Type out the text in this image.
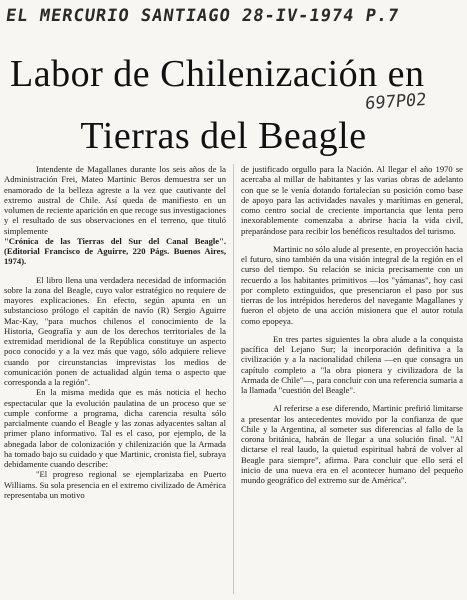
EL MERCURIO SANTIAGO 28-IV-1974 P.7
697P02
Labor de Chilenización en
Tierras del Beagle

Intendente de Magallanes durante los seis años de la Administración Frei, Mateo Martinic Beros demuestra ser un enamorado de la belleza agreste a la vez que cautivante del extremo austral de Chile. Así queda de manifiesto en un volumen de reciente aparición en que recoge sus investigaciones y el resultado de sus observaciones en el terreno, que tituló simplemente

"Crónica de las Tierras del Sur del Canal Beagle". (Editorial Francisco de Aguirre, 220 Págs. Buenos Aires, 1974).

El libro llena una verdadera necesidad de información sobre la zona del Beagle, cuyo valor estratégico no requiere de mayores explicaciones. En efecto, según apunta en un substancioso prólogo el capitán de navío (R) Sergio Aguirre Mac-Kay, "para muchos chilenos el conocimiento de la Historia, Geografía y aun de los derechos territoriales de la extremidad meridional de la República constituye un aspecto poco conocido y a la vez más que vago, sólo adquiere relieve cuando por circunstancias imprevistas los medios de comunicación ponen de actualidad algún tema o aspecto que corresponda a la región".

En la misma medida que es más noticia el hecho espectacular que la evolución paulatina de un proceso que se cumple conforme a programa, dicha carencia resulta sólo parcialmente cuando el Beagle y las zonas adyacentes saltan al primer plano informativo. Tal es el caso, por ejemplo, de la abnegada labor de colonización y chilenización que la Armada ha tomado bajo su cuidado y que Martinic, cronista fiel, subraya debidamente cuando describe:

"El progreso regional se ejemplarizaba en Puerto Williams. Su sola presencia en el extremo civilizado de América representaba un motivo

de justificado orgullo para la Nación. Al llegar el año 1970 se acercaba al millar de habitantes y las varias obras de adelanto con que se le venía dotando fortalecían su posición como base de apoyo para las actividades navales y marítimas en general, como centro social de creciente importancia que lenta pero inexorablemente comenzaba a abrirse hacia la vida civil, preparándose para recibir los benéficos resultados del turismo.

Martinic no sólo alude al presente, en proyección hacia el futuro, sino también da una visión integral de la región en el curso del tiempo. Su relación se inicia precisamente con un recuerdo a los habitantes primitivos —los "yámanas", hoy casi por completo extinguidos, que presenciaron el paso por sus tierras de los intrépidos herederos del navegante Magallanes y fueron el objeto de una acción misionera que el autor rotula como epopeya.

En tres partes siguientes la obra alude a la conquista pacífica del Lejano Sur; la incorporación definitiva a la civilización y a la nacionalidad chilena —en que consagra un capítulo completo a "la obra pionera y civilizadora de la Armada de Chile"—, para concluir con una referencia sumaria a la llamada "cuestión del Beagle".

Al referirse a ese diferendo, Martinic prefirió limitarse a presentar los antecedentes movido por la confianza de que Chile y la Argentina, al someter sus diferencias al fallo de la corona británica, habrán de llegar a una solución final. "Al dictarse el real laudo, la quietud espiritual habrá de volver al Beagle para siempre", afirma. Para concluir que ello será el inicio de una nueva era en el acontecer humano del pequeño mundo geográfico del extremo sur de América".
